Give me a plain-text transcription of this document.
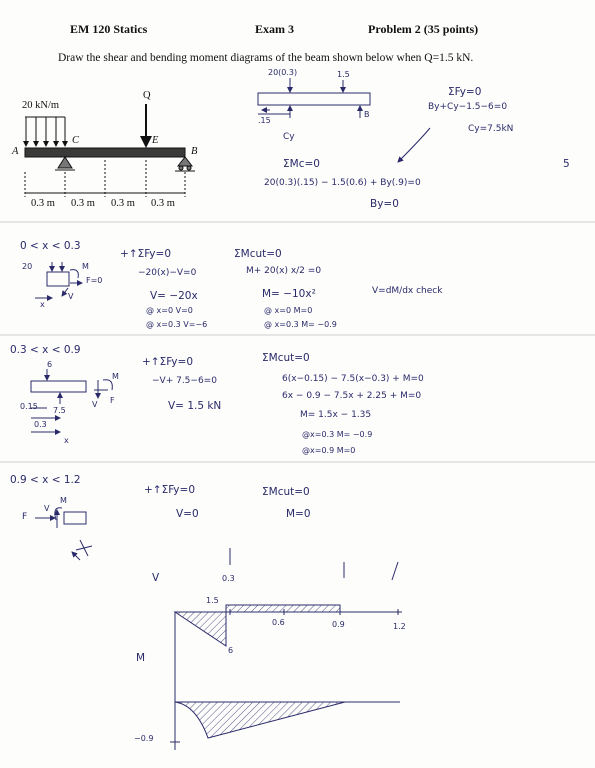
EM 120 Statics	Exam 3	Problem 2 (35 points)
Draw the shear and bending moment diagrams of the beam shown below when Q=1.5 kN.
20 kN/m
Q
A
C	E
B
0.3 m 0.3 m 0.3 m 0.3 m
20(0.3)	1.5
.15
Cy
B
ΣFy=0
By+Cy−1.5−6=0
Cy=7.5kN
5
ΣMc=0
20(0.3)(.15) − 1.5(0.6) + By(.9)=0
By=0
0 < x < 0.3
20	M
F=0
V
x
+↑ΣFy=0
−20(x)−V=0
V= −20x
@ x=0 V=0
@ x=0.3 V=−6
ΣMcut=0
M+ 20(x) x/2 =0
M= −10x²
@ x=0 M=0
@ x=0.3 M= −0.9
V=dM/dx check
0.3 < x < 0.9
6
0.15 7.5
0.3
M
V F
x
+↑ΣFy=0
−V+ 7.5−6=0
V= 1.5 kN
ΣMcut=0
6(x−0.15) − 7.5(x−0.3) + M=0
6x − 0.9 − 7.5x + 2.25 + M=0
M= 1.5x − 1.35
@x=0.3 M= −0.9
@x=0.9 M=0
0.9 < x < 1.2
F
V
M
+↑ΣFy=0
V=0
ΣMcut=0
M=0
V
M
0.3
1.5
0.6	0.9	1.2
6
−0.9
